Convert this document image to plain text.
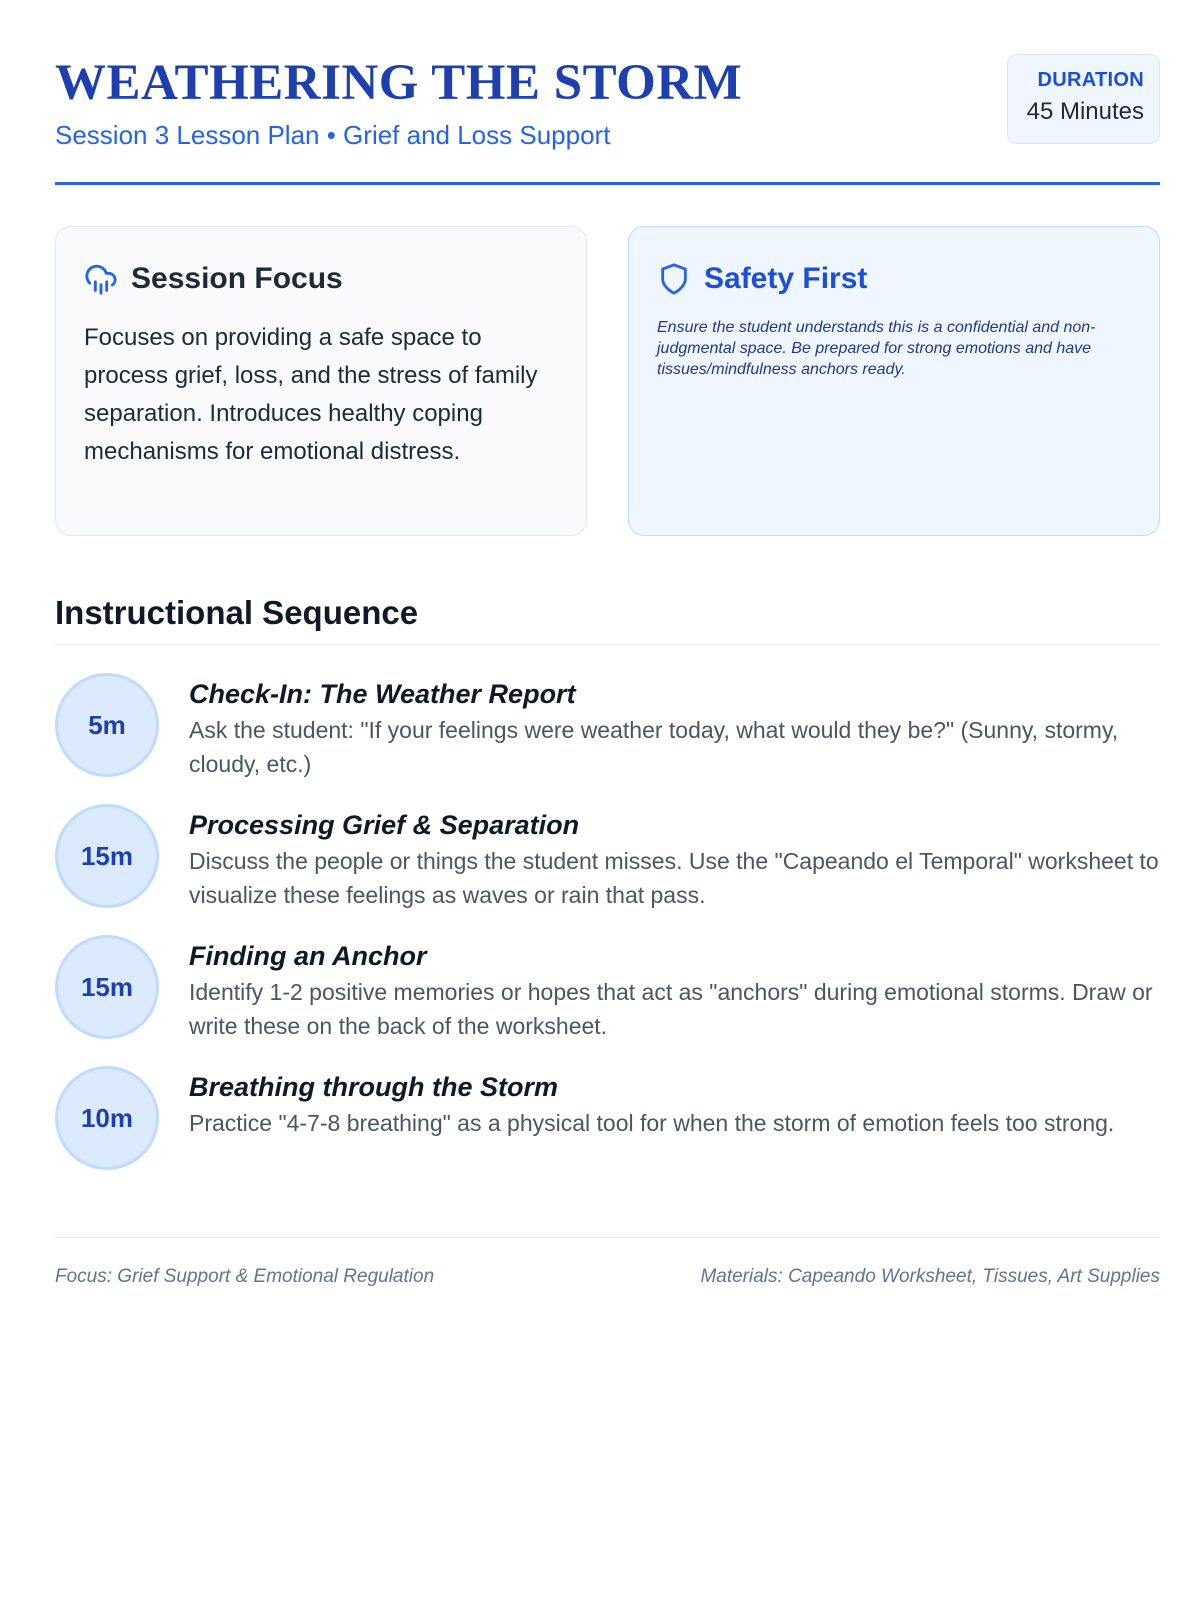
WEATHERING THE STORM
Session 3 Lesson Plan • Grief and Loss Support
DURATION
45 Minutes
Session Focus
Focuses on providing a safe space to process grief, loss, and the stress of family separation. Introduces healthy coping mechanisms for emotional distress.
Safety First
Ensure the student understands this is a confidential and non-judgmental space. Be prepared for strong emotions and have tissues/mindfulness anchors ready.
Instructional Sequence
5m
Check-In: The Weather Report
Ask the student: "If your feelings were weather today, what would they be?" (Sunny, stormy, cloudy, etc.)
15m
Processing Grief & Separation
Discuss the people or things the student misses. Use the "Capeando el Temporal" worksheet to visualize these feelings as waves or rain that pass.
15m
Finding an Anchor
Identify 1-2 positive memories or hopes that act as "anchors" during emotional storms. Draw or write these on the back of the worksheet.
10m
Breathing through the Storm
Practice "4-7-8 breathing" as a physical tool for when the storm of emotion feels too strong.
Focus: Grief Support & Emotional Regulation	Materials: Capeando Worksheet, Tissues, Art Supplies
